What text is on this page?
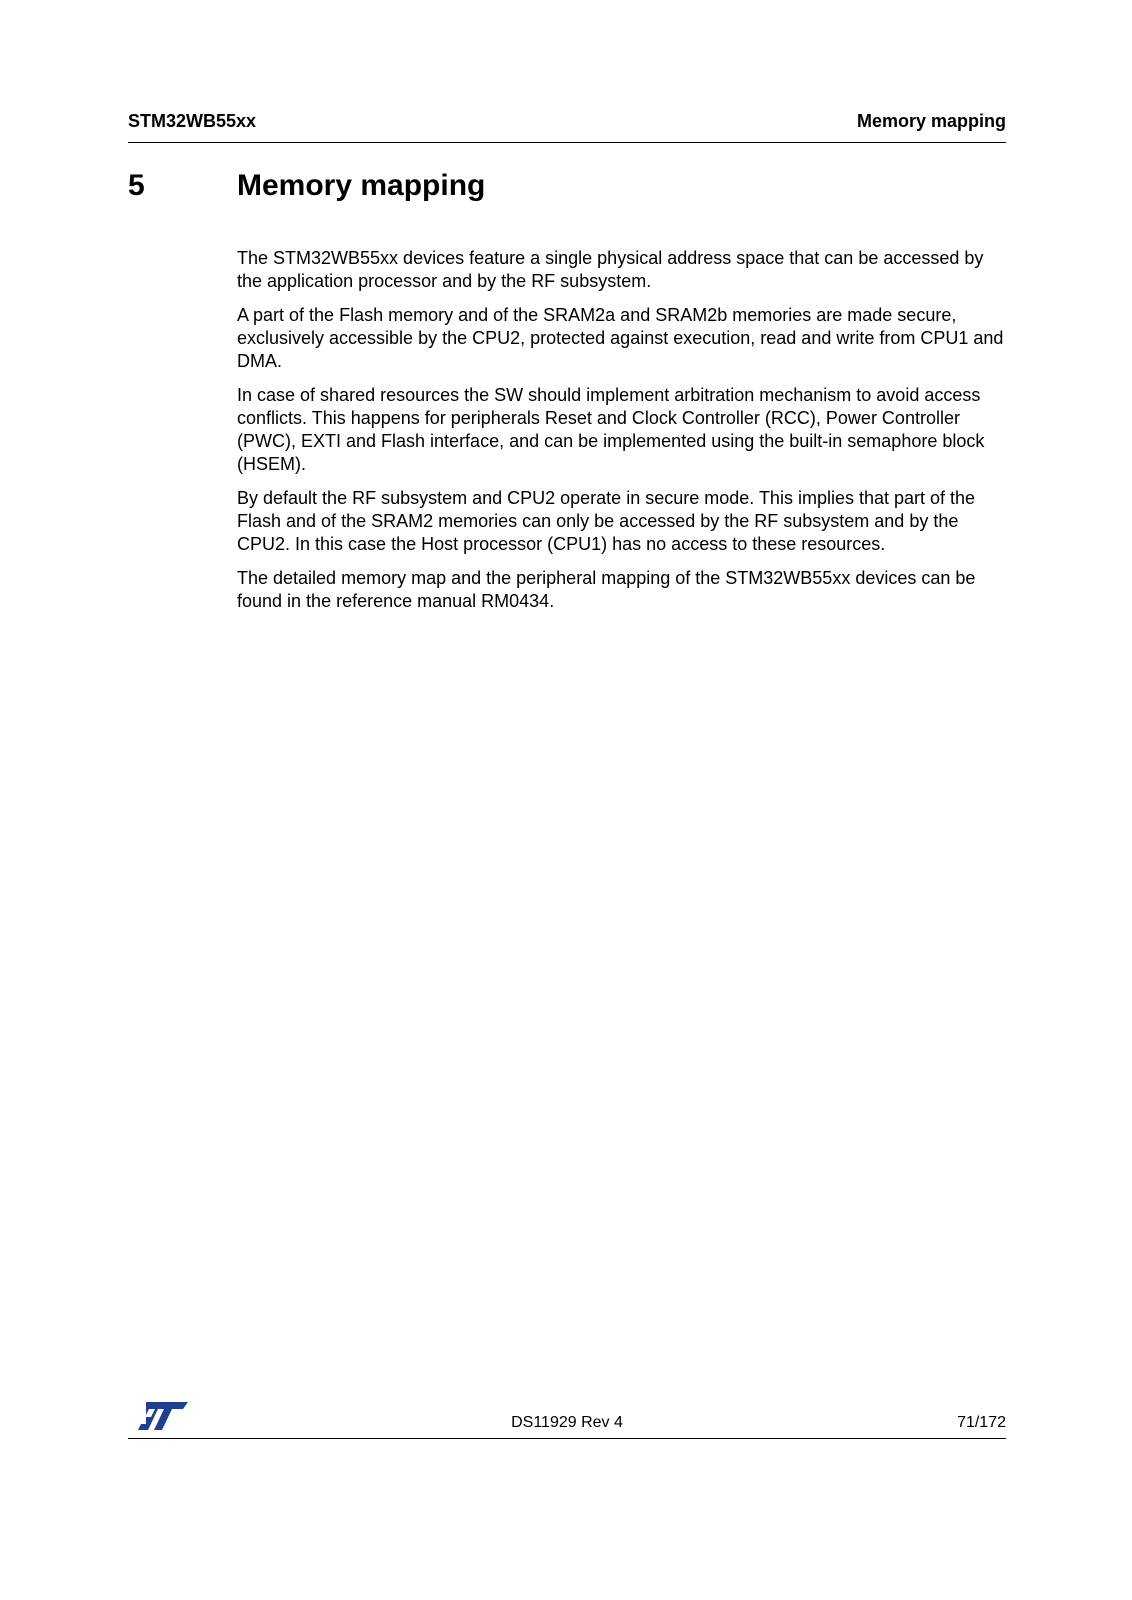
STM32WB55xx	Memory mapping
5	Memory mapping

The STM32WB55xx devices feature a single physical address space that can be accessed by the application processor and by the RF subsystem.

A part of the Flash memory and of the SRAM2a and SRAM2b memories are made secure, exclusively accessible by the CPU2, protected against execution, read and write from CPU1 and DMA.

In case of shared resources the SW should implement arbitration mechanism to avoid access conflicts. This happens for peripherals Reset and Clock Controller (RCC), Power Controller (PWC), EXTI and Flash interface, and can be implemented using the built-in semaphore block (HSEM).

By default the RF subsystem and CPU2 operate in secure mode. This implies that part of the Flash and of the SRAM2 memories can only be accessed by the RF subsystem and by the CPU2. In this case the Host processor (CPU1) has no access to these resources.

The detailed memory map and the peripheral mapping of the STM32WB55xx devices can be found in the reference manual RM0434.

DS11929 Rev 4	71/172
